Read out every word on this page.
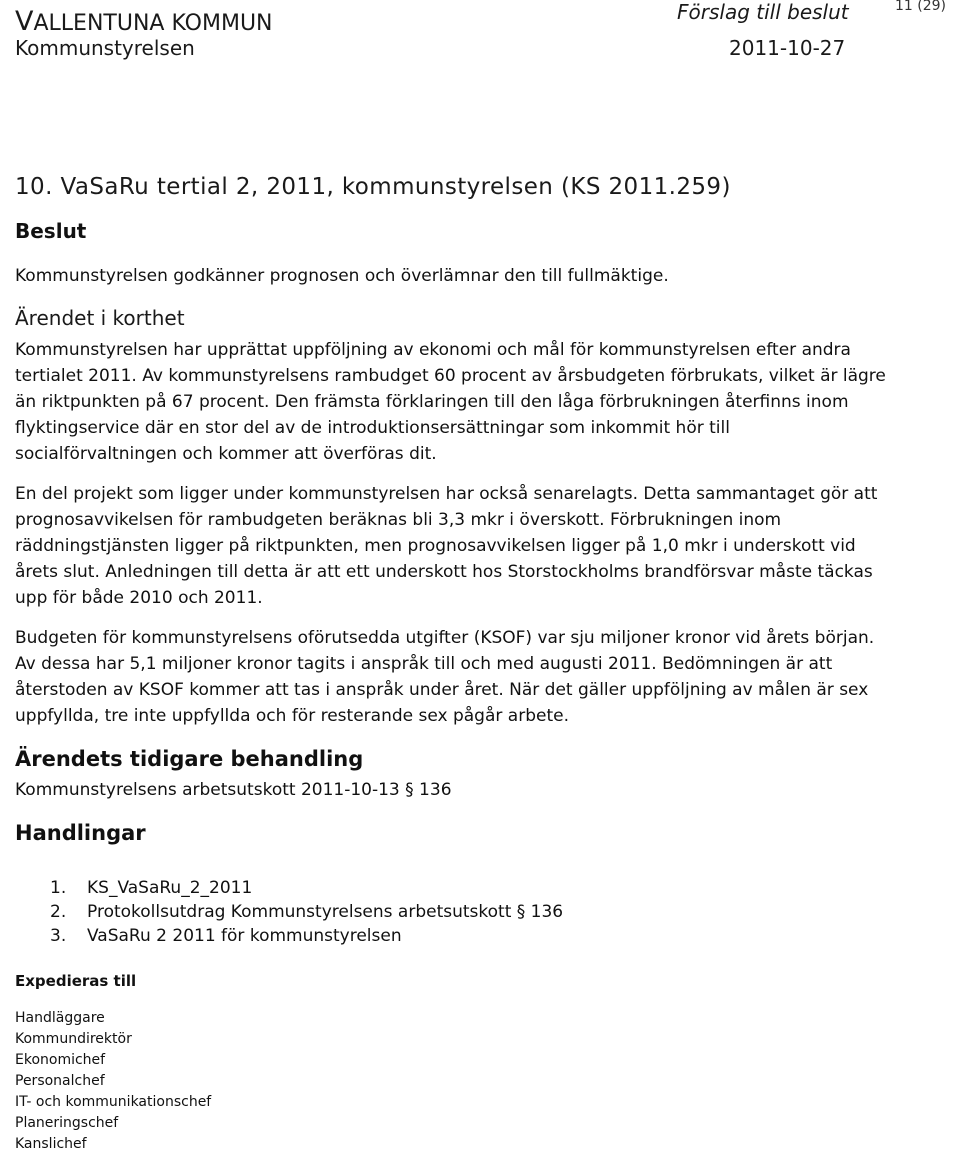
VALLENTUNA KOMMUN	Förslag till beslut	11 (29)
Kommunstyrelsen	2011-10-27
10. VaSaRu tertial 2, 2011, kommunstyrelsen (KS 2011.259)
Beslut
Kommunstyrelsen godkänner prognosen och överlämnar den till fullmäktige.
Ärendet i korthet
Kommunstyrelsen har upprättat uppföljning av ekonomi och mål för kommunstyrelsen efter andra
tertialet 2011. Av kommunstyrelsens rambudget 60 procent av årsbudgeten förbrukats, vilket är lägre
än riktpunkten på 67 procent. Den främsta förklaringen till den låga förbrukningen återfinns inom
flyktingservice där en stor del av de introduktionsersättningar som inkommit hör till
socialförvaltningen och kommer att överföras dit.
En del projekt som ligger under kommunstyrelsen har också senarelagts. Detta sammantaget gör att
prognosavvikelsen för rambudgeten beräknas bli 3,3 mkr i överskott. Förbrukningen inom
räddningstjänsten ligger på riktpunkten, men prognosavvikelsen ligger på 1,0 mkr i underskott vid
årets slut. Anledningen till detta är att ett underskott hos Storstockholms brandförsvar måste täckas
upp för både 2010 och 2011.
Budgeten för kommunstyrelsens oförutsedda utgifter (KSOF) var sju miljoner kronor vid årets början.
Av dessa har 5,1 miljoner kronor tagits i anspråk till och med augusti 2011. Bedömningen är att
återstoden av KSOF kommer att tas i anspråk under året. När det gäller uppföljning av målen är sex
uppfyllda, tre inte uppfyllda och för resterande sex pågår arbete.
Ärendets tidigare behandling
Kommunstyrelsens arbetsutskott 2011-10-13 § 136
Handlingar
1. KS_VaSaRu_2_2011
2. Protokollsutdrag Kommunstyrelsens arbetsutskott § 136
3. VaSaRu 2 2011 för kommunstyrelsen
Expedieras till
Handläggare
Kommundirektör
Ekonomichef
Personalchef
IT- och kommunikationschef
Planeringschef
Kanslichef
